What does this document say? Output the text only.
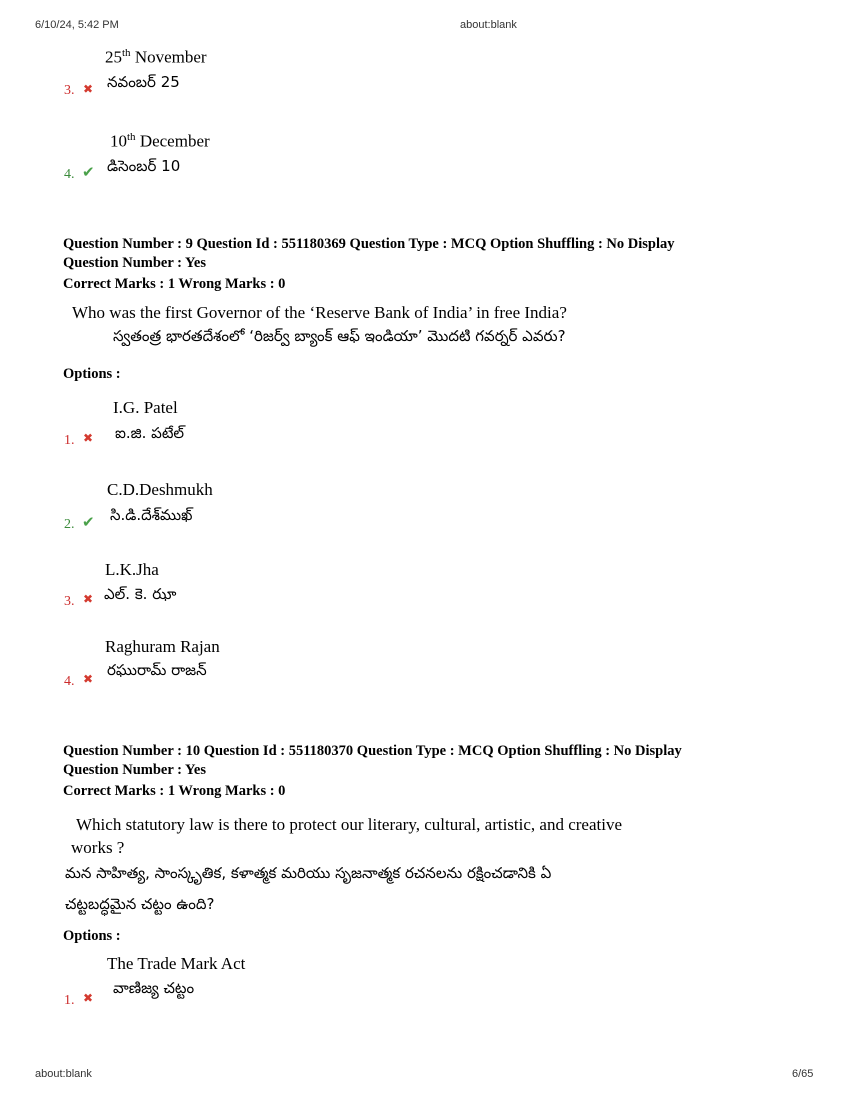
6/10/24, 5:42 PM	about:blank
25th November
నవంబర్ 25
3. ✖
10th December
డిసెంబర్ 10
4. ✔
Question Number : 9 Question Id : 551180369 Question Type : MCQ Option Shuffling : No Display
Question Number : Yes
Correct Marks : 1 Wrong Marks : 0
Who was the first Governor of the ‘Reserve Bank of India’ in free India?
స్వతంత్ర భారతదేశంలో ‘రిజర్వ్ బ్యాంక్ ఆఫ్ ఇండియా’ మొదటి గవర్నర్ ఎవరు?
Options :
I.G. Patel
ఐ.జి. పటేల్
1. ✖
C.D.Deshmukh
సి.డి.దేశ్‌ముఖ్
2. ✔
L.K.Jha
ఎల్. కె. ఝా
3. ✖
Raghuram Rajan
రఘురామ్ రాజన్
4. ✖
Question Number : 10 Question Id : 551180370 Question Type : MCQ Option Shuffling : No Display
Question Number : Yes
Correct Marks : 1 Wrong Marks : 0
Which statutory law is there to protect our literary, cultural, artistic, and creative
works ?
మన సాహిత్య, సాంస్కృతిక, కళాత్మక మరియు సృజనాత్మక రచనలను రక్షించడానికి ఏ
చట్టబద్ధమైన చట్టం ఉంది?
Options :
The Trade Mark Act
వాణిజ్య చట్టం
1. ✖
about:blank	6/65
